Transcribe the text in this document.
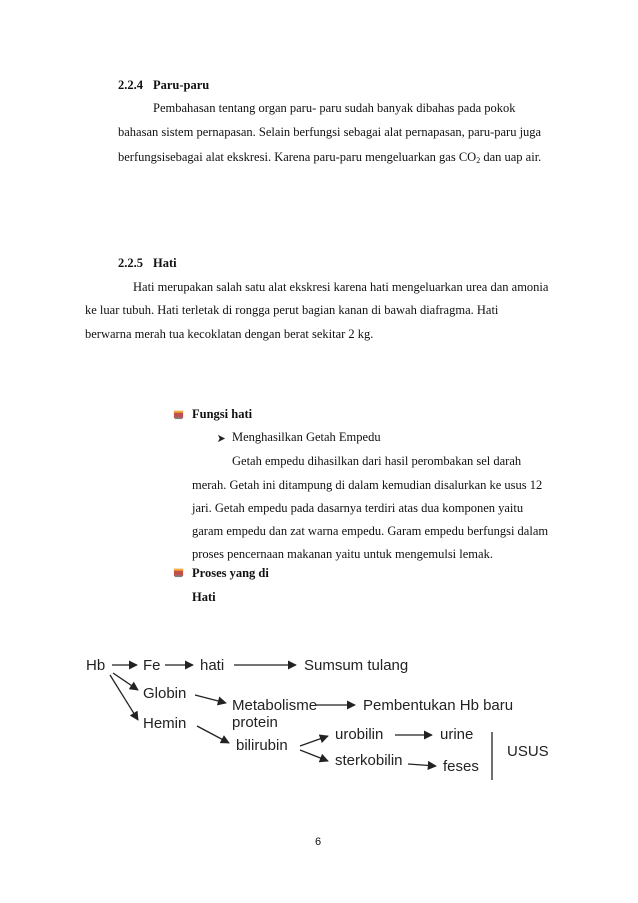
2.2.4 Paru-paru
Pembahasan tentang organ paru- paru sudah banyak dibahas pada pokok
bahasan sistem pernapasan. Selain berfungsi sebagai alat pernapasan, paru-paru juga
berfungsisebagai alat ekskresi. Karena paru-paru mengeluarkan gas $CO_2$ dan uap air.
2.2.5 Hati
Hati merupakan salah satu alat ekskresi karena hati mengeluarkan urea dan amonia
ke luar tubuh. Hati terletak di rongga perut bagian kanan di bawah diafragma. Hati
berwarna merah tua kecoklatan dengan berat sekitar 2 kg.
Fungsi hati
Menghasilkan Getah Empedu
Getah empedu dihasilkan dari hasil perombakan sel darah
merah. Getah ini ditampung di dalam kemudian disalurkan ke usus 12
jari. Getah empedu pada dasarnya terdiri atas dua komponen yaitu
garam empedu dan zat warna empedu. Garam empedu berfungsi dalam
proses pencernaan makanan yaitu untuk mengemulsi lemak.
Proses yang di
Hati
Hb	Fe	hati	Sumsum tulang
Globin
Metabolisme
protein
Pembentukan Hb baru
Hemin
bilirubin
urobilin	urine
sterkobilin	feses
USUS
6
